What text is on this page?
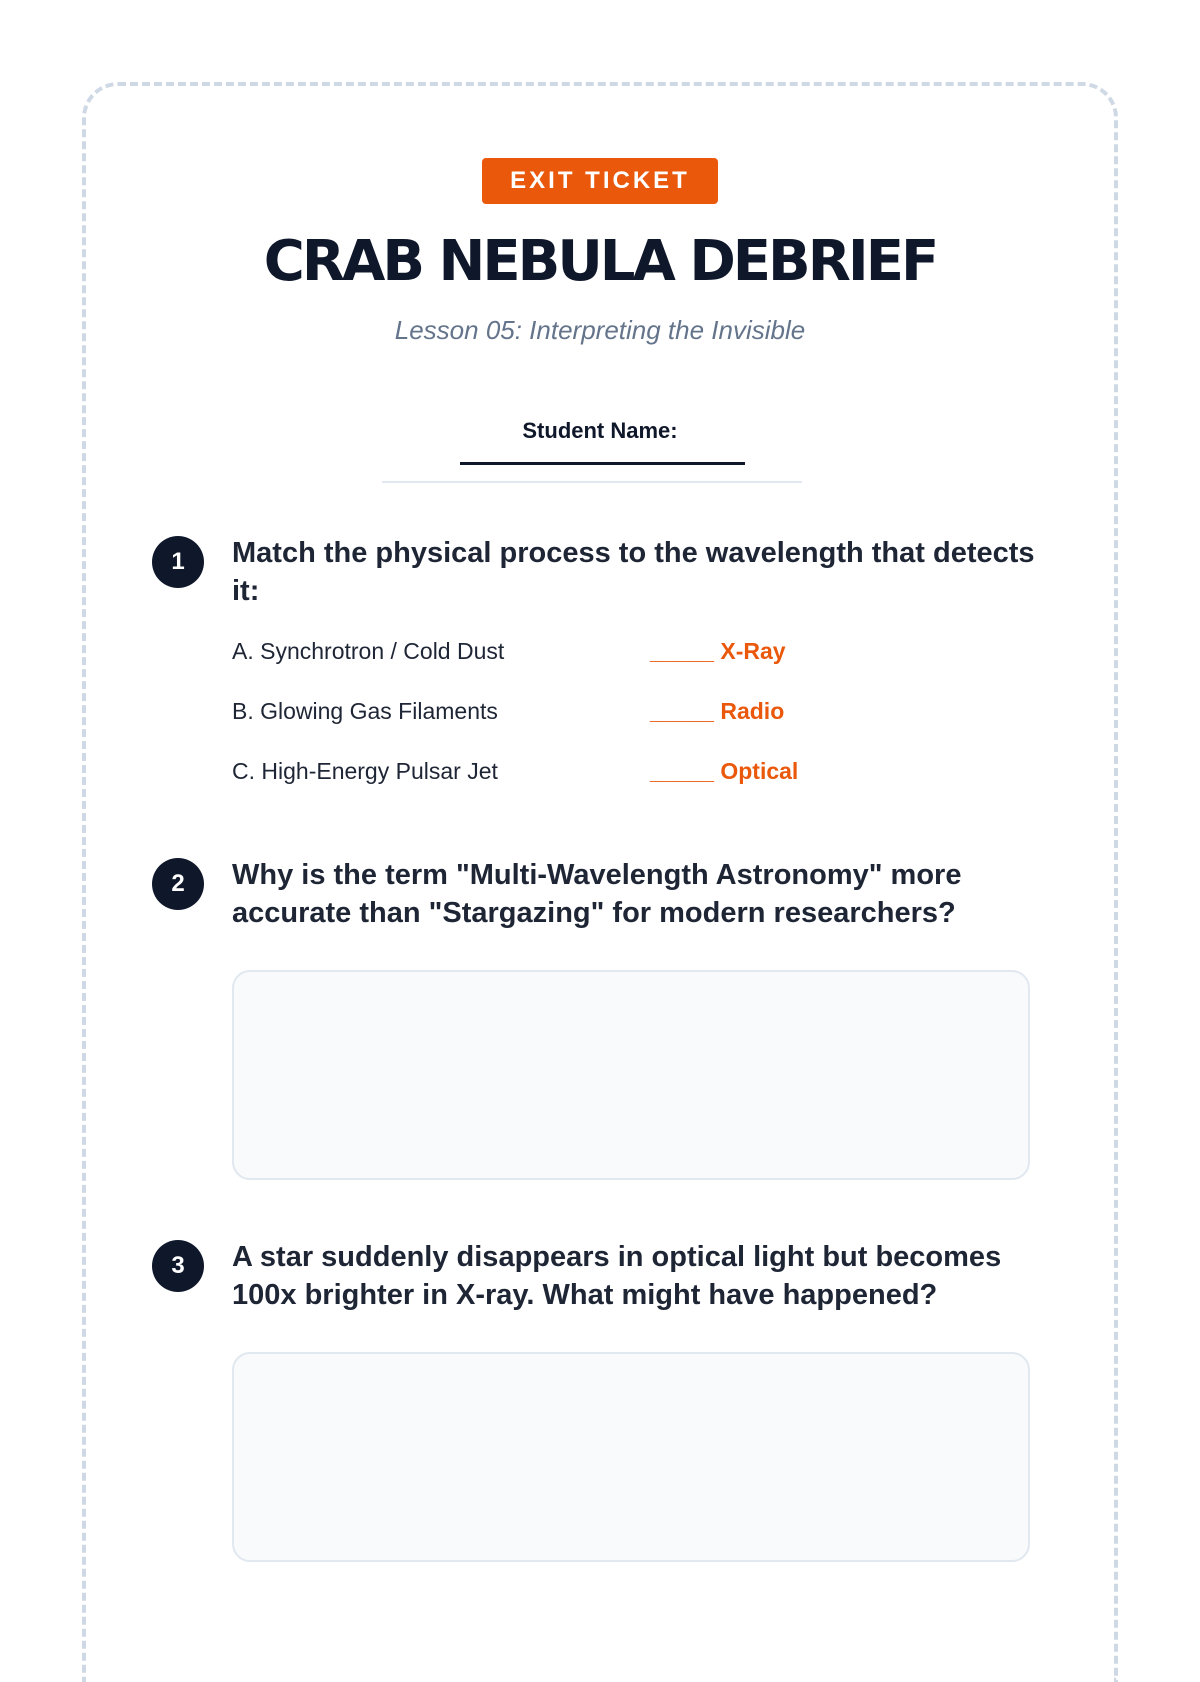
EXIT TICKET
CRAB NEBULA DEBRIEF
Lesson 05: Interpreting the Invisible
Student Name:
1	Match the physical process to the wavelength that detects it:
A. Synchrotron / Cold Dust	_____ X-Ray
B. Glowing Gas Filaments	_____ Radio
C. High-Energy Pulsar Jet	_____ Optical
2	Why is the term "Multi-Wavelength Astronomy" more accurate than "Stargazing" for modern researchers?
3	A star suddenly disappears in optical light but becomes 100x brighter in X-ray. What might have happened?
